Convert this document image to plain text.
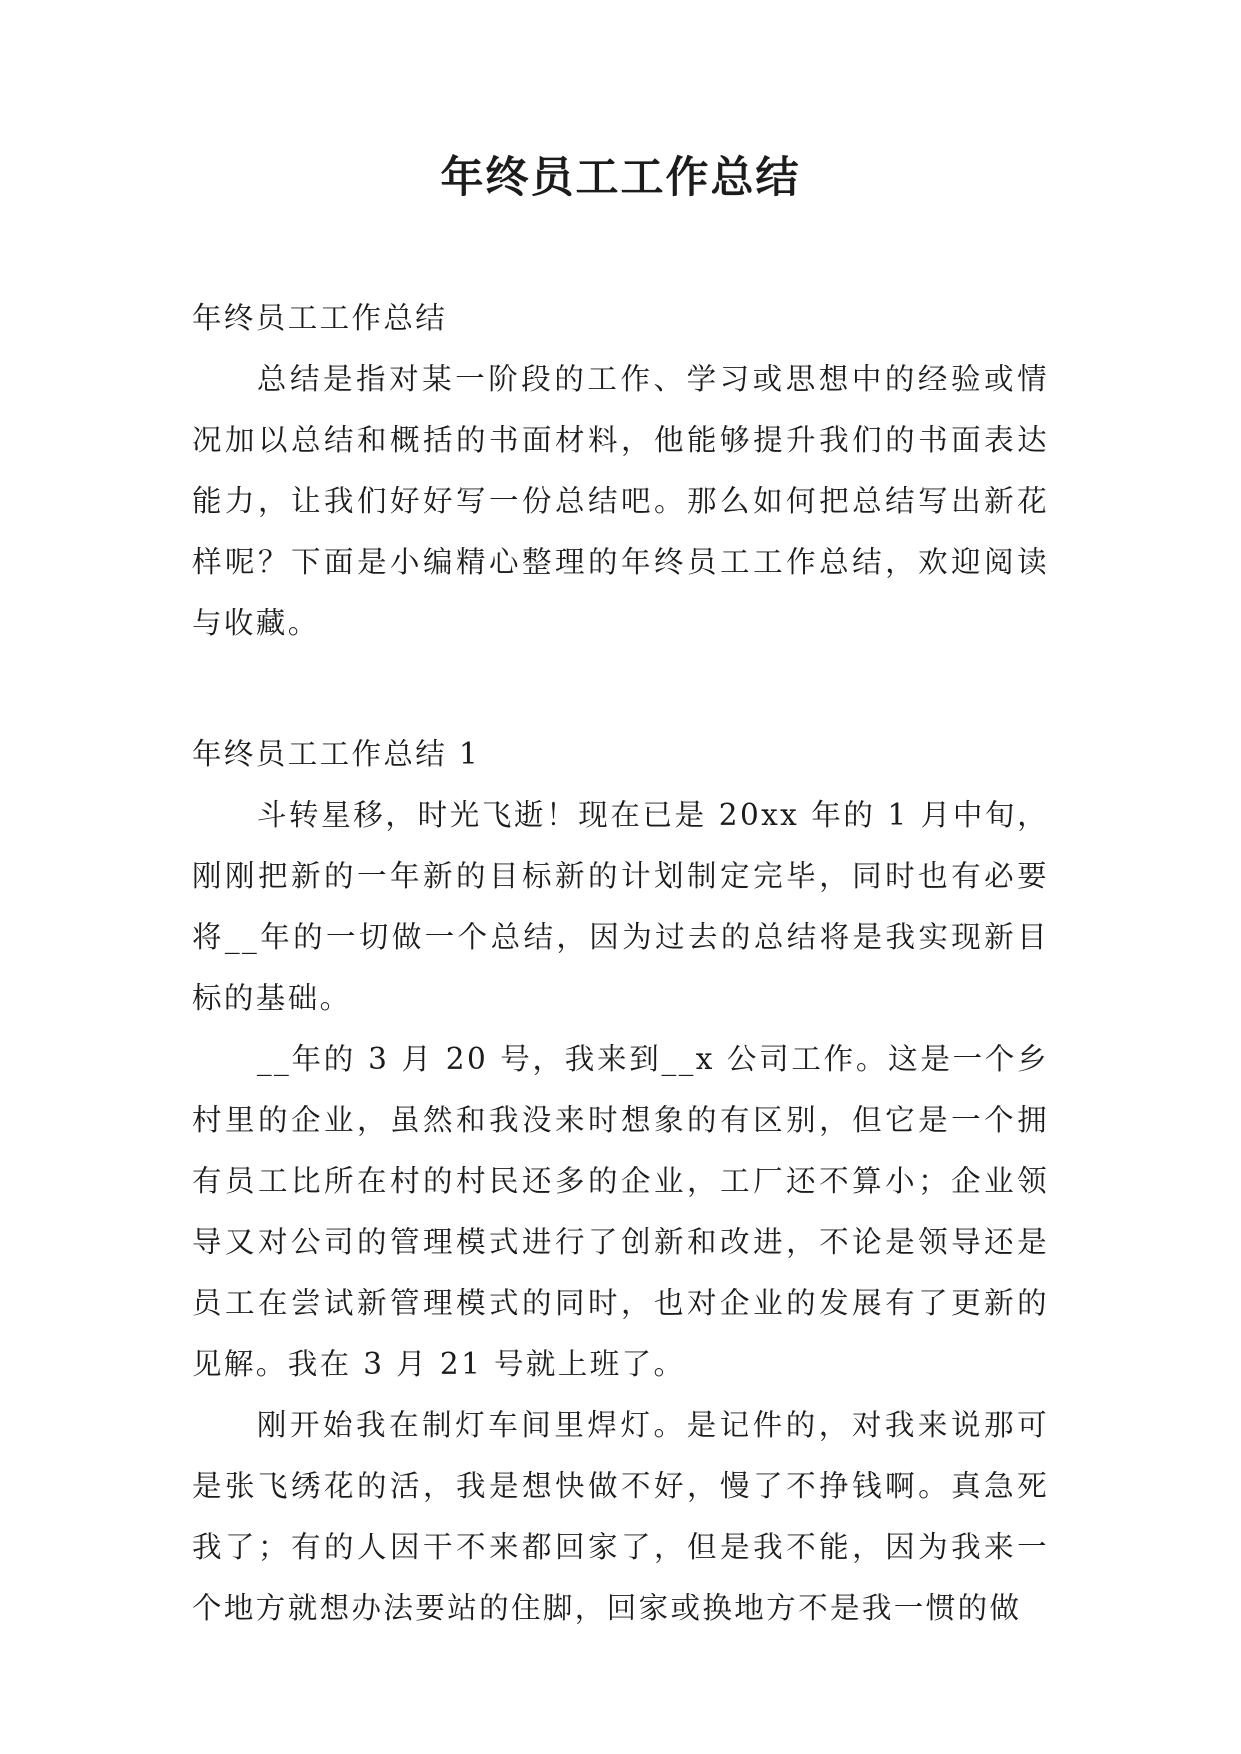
年终员工工作总结

年终员工工作总结

总结是指对某一阶段的工作、学习或思想中的经验或情况加以总结和概括的书面材料，他能够提升我们的书面表达能力，让我们好好写一份总结吧。那么如何把总结写出新花样呢？下面是小编精心整理的年终员工工作总结，欢迎阅读与收藏。

年终员工工作总结 1

斗转星移，时光飞逝！现在已是 20xx 年的 1 月中旬，刚刚把新的一年新的目标新的计划制定完毕，同时也有必要将__年的一切做一个总结，因为过去的总结将是我实现新目标的基础。

__年的 3 月 20 号，我来到__x 公司工作。这是一个乡村里的企业，虽然和我没来时想象的有区别，但它是一个拥有员工比所在村的村民还多的企业，工厂还不算小；企业领导又对公司的管理模式进行了创新和改进，不论是领导还是员工在尝试新管理模式的同时，也对企业的发展有了更新的见解。我在 3 月 21 号就上班了。

刚开始我在制灯车间里焊灯。是记件的，对我来说那可是张飞绣花的活，我是想快做不好，慢了不挣钱啊。真急死我了；有的人因干不来都回家了，但是我不能，因为我来一个地方就想办法要站的住脚，回家或换地方不是我一惯的做
